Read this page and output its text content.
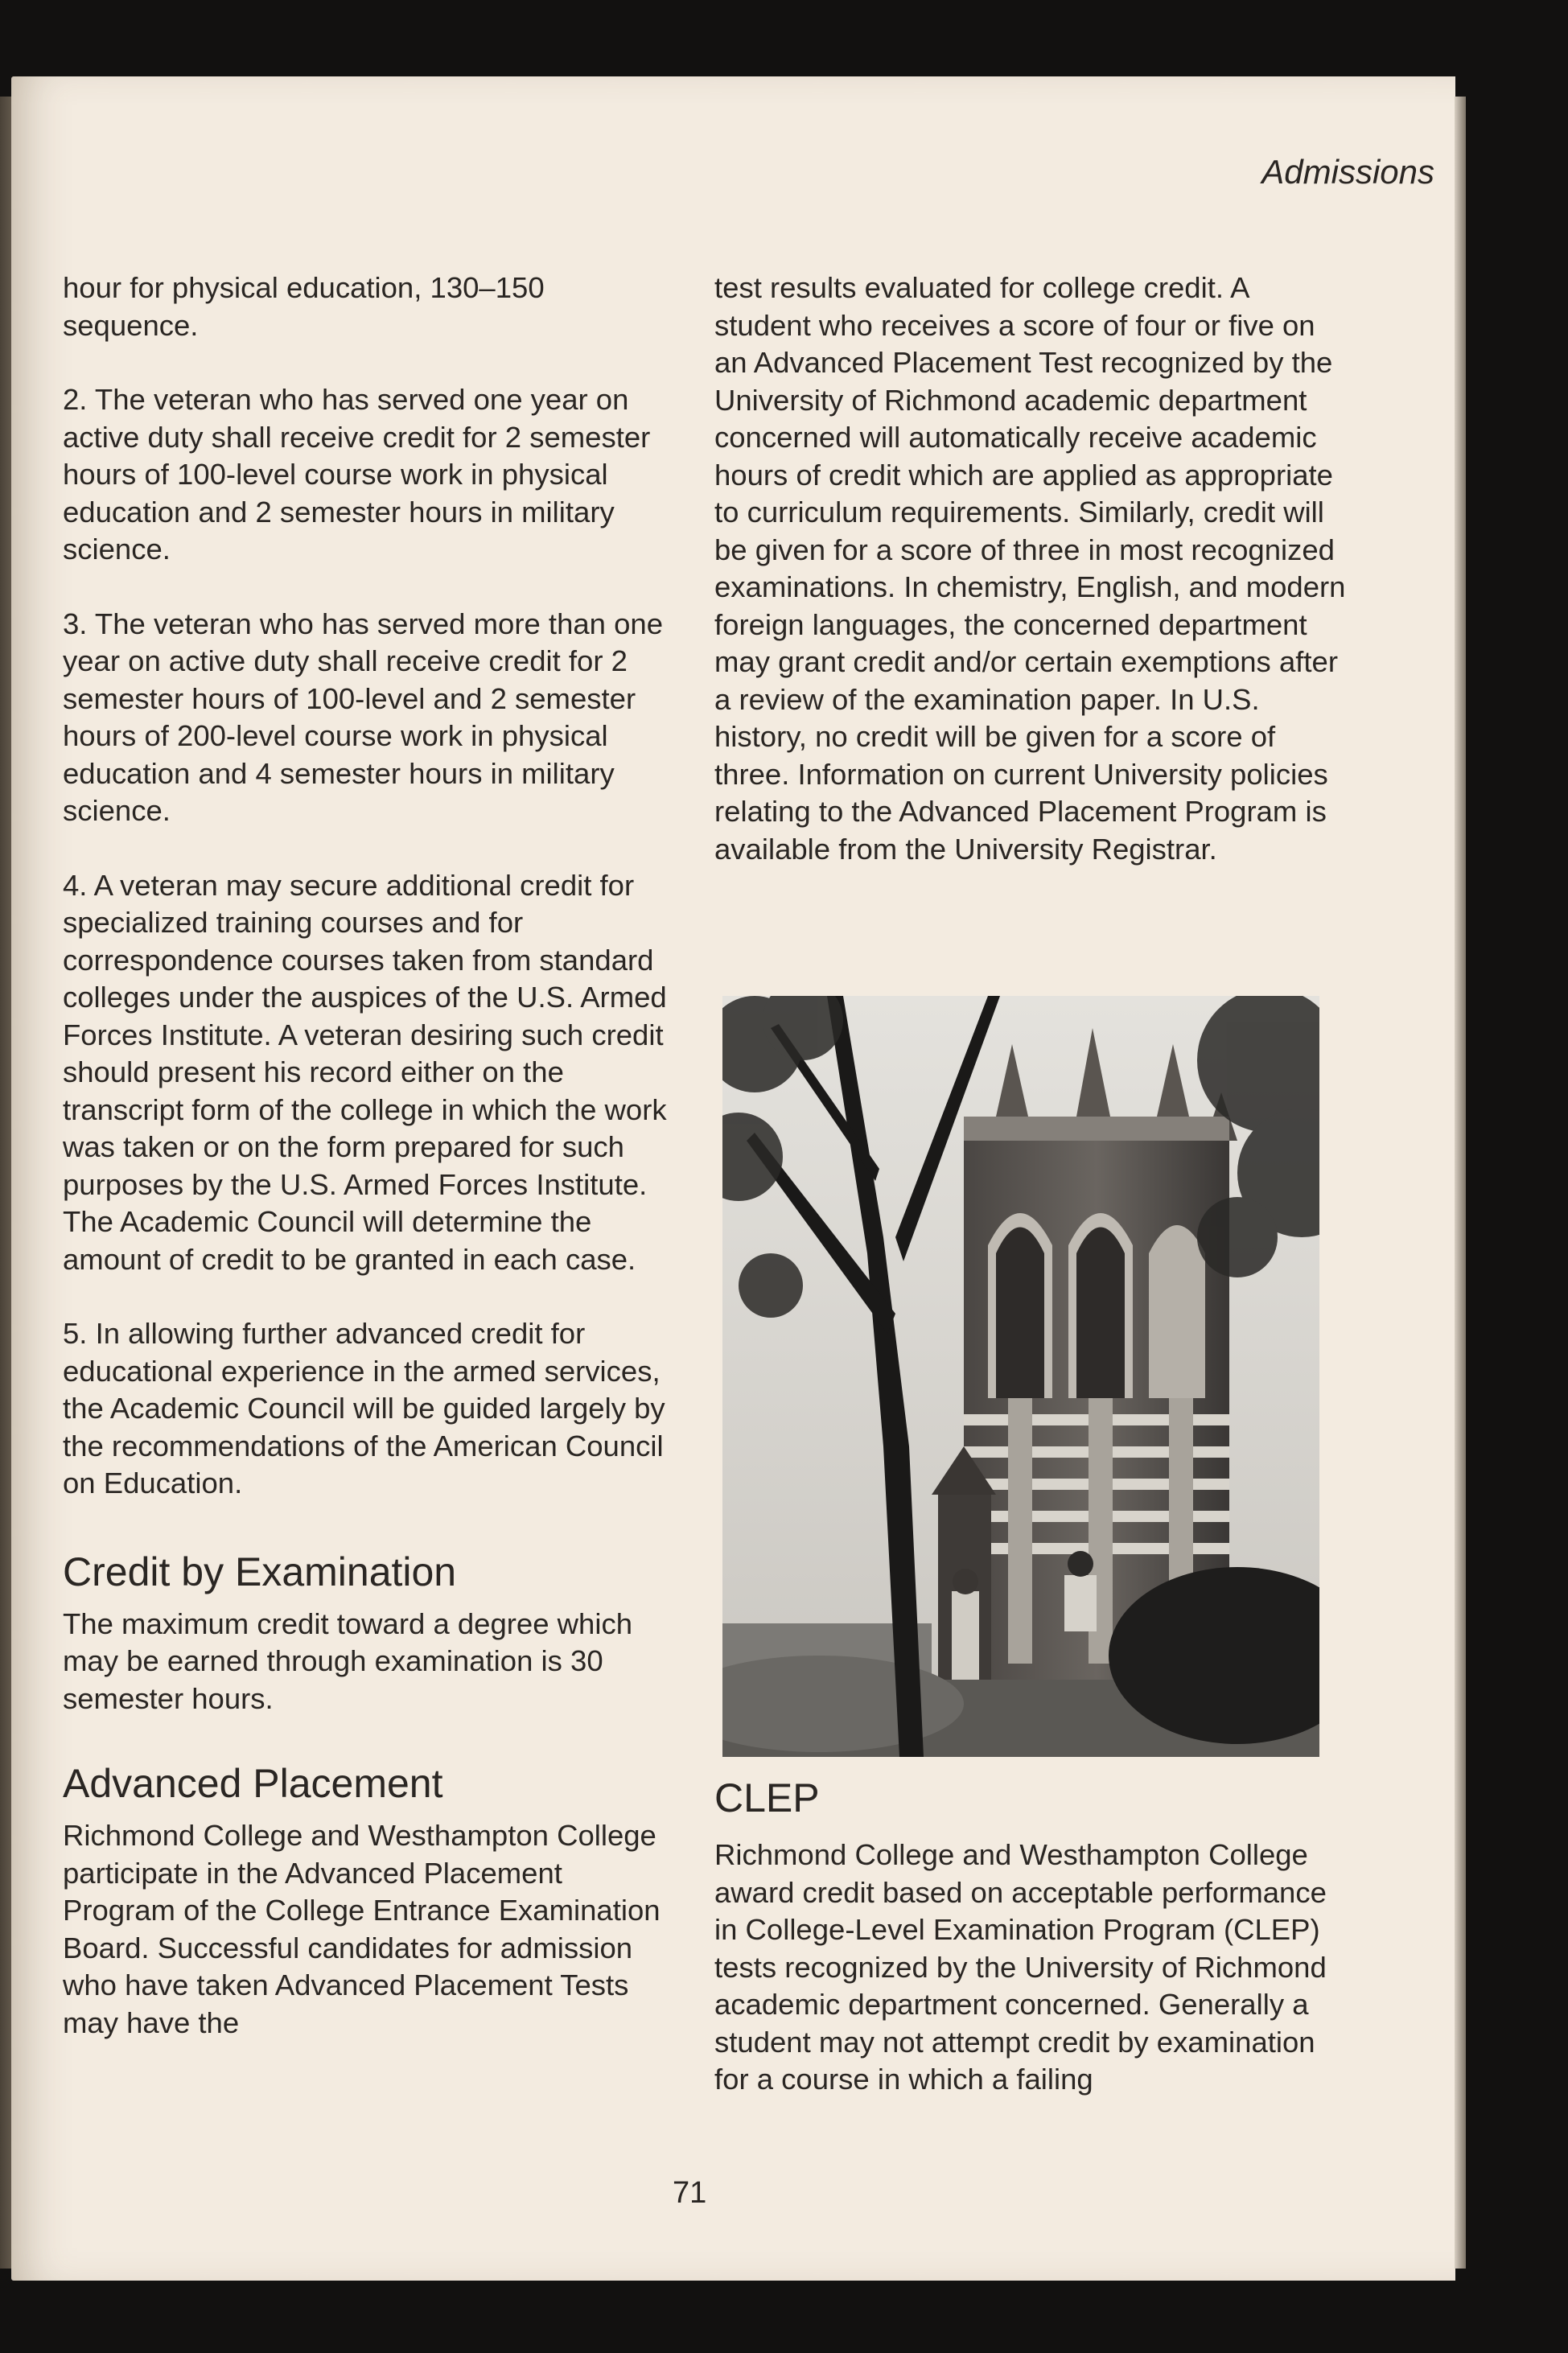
Admissions

hour for physical education, 130–150 sequence.

2. The veteran who has served one year on active duty shall receive credit for 2 semester hours of 100-level course work in physical education and 2 semester hours in military science.

3. The veteran who has served more than one year on active duty shall receive credit for 2 semester hours of 100-level and 2 semester hours of 200-level course work in physical education and 4 semester hours in military science.

4. A veteran may secure additional credit for specialized training courses and for correspondence courses taken from standard colleges under the auspices of the U.S. Armed Forces Institute. A veteran desiring such credit should present his record either on the transcript form of the college in which the work was taken or on the form prepared for such purposes by the U.S. Armed Forces Institute. The Academic Council will determine the amount of credit to be granted in each case.

5. In allowing further advanced credit for educational experience in the armed services, the Academic Council will be guided largely by the recommendations of the American Council on Education.

Credit by Examination

The maximum credit toward a degree which may be earned through examination is 30 semester hours.

Advanced Placement

Richmond College and Westhampton College participate in the Advanced Placement Program of the College Entrance Examination Board. Successful candidates for admission who have taken Advanced Placement Tests may have the

test results evaluated for college credit. A student who receives a score of four or five on an Advanced Placement Test recognized by the University of Richmond academic department concerned will automatically receive academic hours of credit which are applied as appropriate to curriculum requirements. Similarly, credit will be given for a score of three in most recognized examinations. In chemistry, English, and modern foreign languages, the concerned department may grant credit and/or certain exemptions after a review of the examination paper. In U.S. history, no credit will be given for a score of three. Information on current University policies relating to the Advanced Placement Program is available from the University Registrar.

CLEP

Richmond College and Westhampton College award credit based on acceptable performance in College-Level Examination Program (CLEP) tests recognized by the University of Richmond academic department concerned. Generally a student may not attempt credit by examination for a course in which a failing

71
